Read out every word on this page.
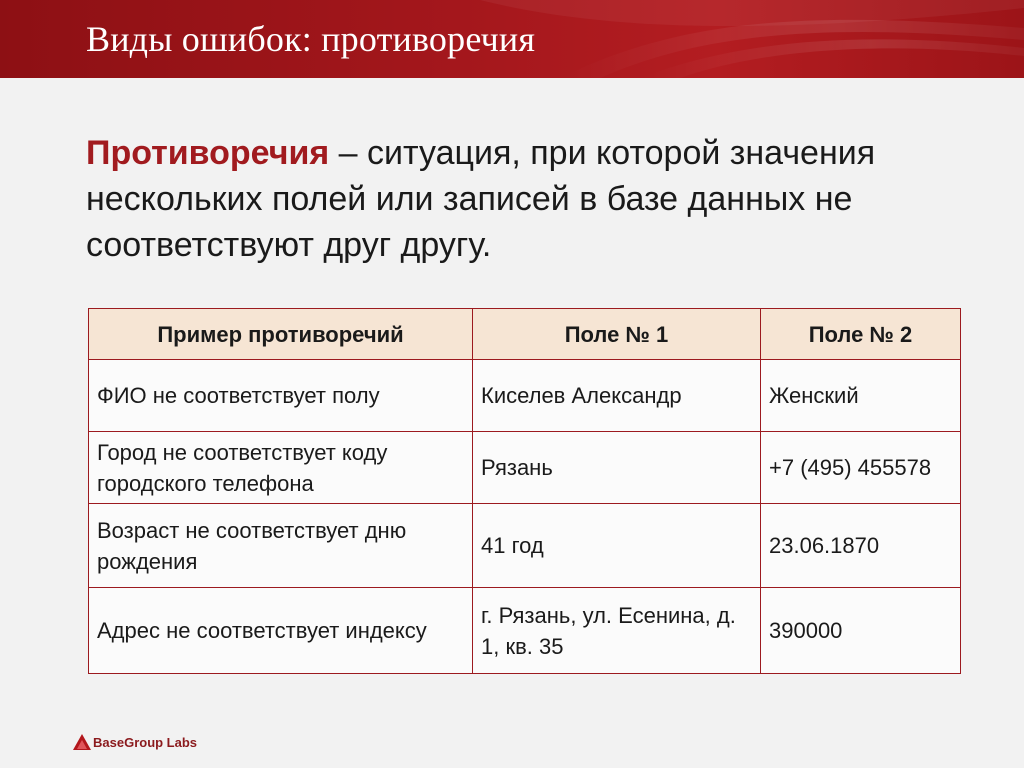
Виды ошибок: противоречия
Противоречия – ситуация, при которой значения нескольких полей или записей в базе данных не соответствуют друг другу.
Пример противоречий	Поле № 1	Поле № 2
ФИО не соответствует полу	Киселев Александр	Женский
Город не соответствует коду городского телефона	Рязань	+7 (495) 455578
Возраст не соответствует дню рождения	41 год	23.06.1870
Адрес не соответствует индексу	г. Рязань, ул. Есенина, д. 1, кв. 35	390000
BaseGroup Labs
